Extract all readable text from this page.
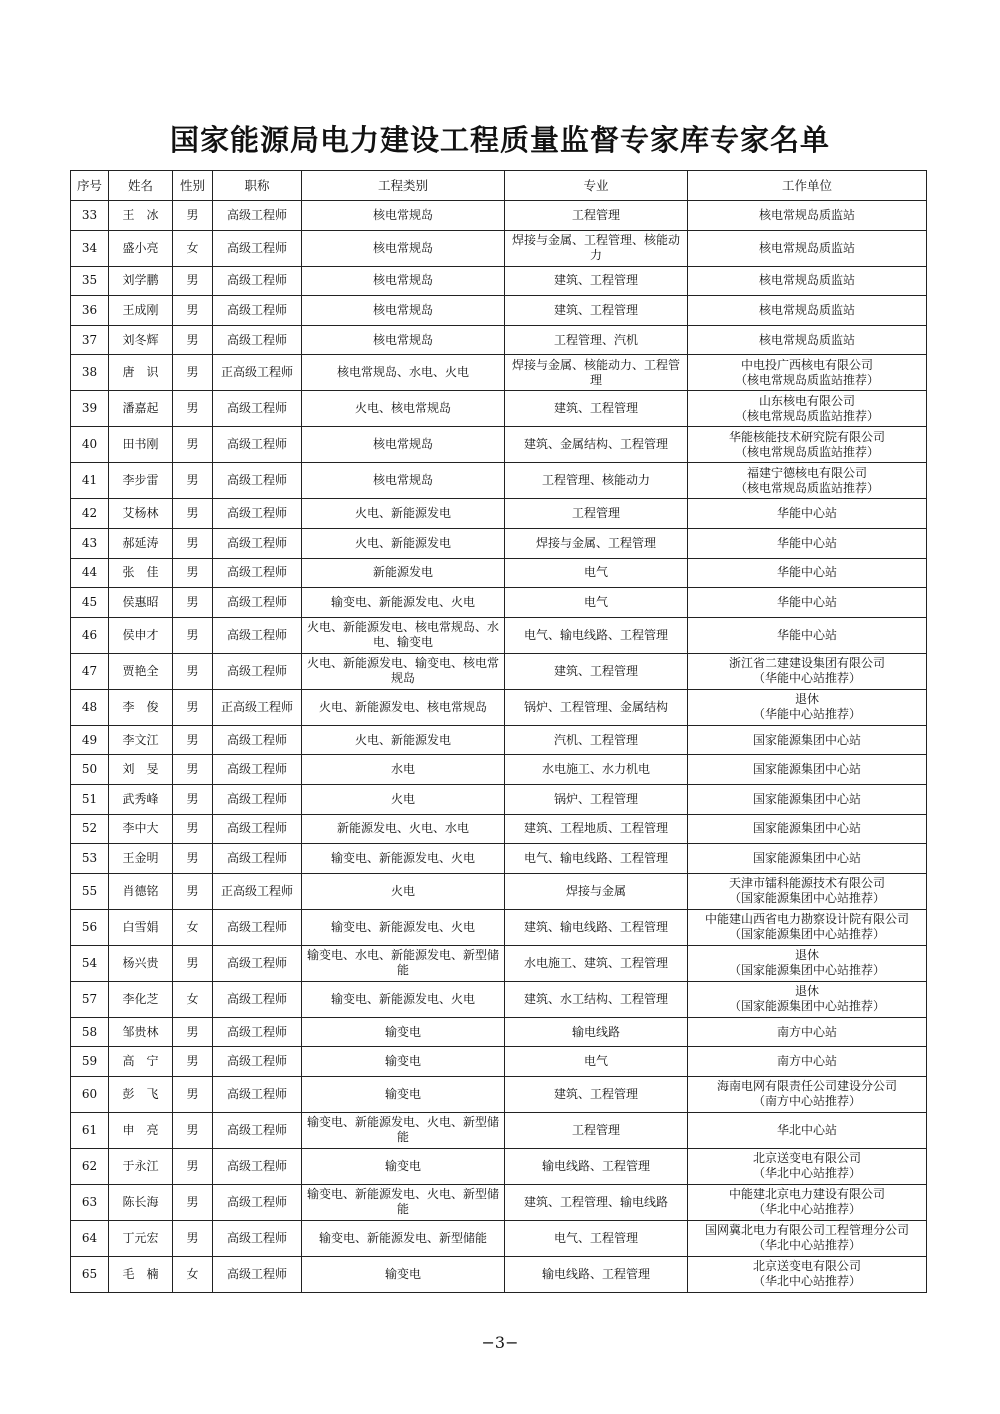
国家能源局电力建设工程质量监督专家库专家名单
序号	姓名	性别	职称	工程类别	专业	工作单位
33	王　冰	男	高级工程师	核电常规岛	工程管理	核电常规岛质监站

34	盛小亮	女	高级工程师	核电常规岛	焊接与金属、工程管理、核能动力	核电常规岛质监站

35	刘学鹏	男	高级工程师	核电常规岛	建筑、工程管理	核电常规岛质监站

36	王成刚	男	高级工程师	核电常规岛	建筑、工程管理	核电常规岛质监站

37	刘冬辉	男	高级工程师	核电常规岛	工程管理、汽机	核电常规岛质监站

38	唐　识	男	正高级工程师	核电常规岛、水电、火电	焊接与金属、核能动力、工程管理	中电投广西核电有限公司
（核电常规岛质监站推荐）

39	潘嘉起	男	高级工程师	火电、核电常规岛	建筑、工程管理	山东核电有限公司
（核电常规岛质监站推荐）

40	田书刚	男	高级工程师	核电常规岛	建筑、金属结构、工程管理	华能核能技术研究院有限公司
（核电常规岛质监站推荐）

41	李步雷	男	高级工程师	核电常规岛	工程管理、核能动力	福建宁德核电有限公司
（核电常规岛质监站推荐）

42	艾杨林	男	高级工程师	火电、新能源发电	工程管理	华能中心站

43	郝延涛	男	高级工程师	火电、新能源发电	焊接与金属、工程管理	华能中心站

44	张　佳	男	高级工程师	新能源发电	电气	华能中心站

45	侯惠昭	男	高级工程师	输变电、新能源发电、火电	电气	华能中心站

46	侯申才	男	高级工程师	火电、新能源发电、核电常规岛、水电、输变电	电气、输电线路、工程管理	华能中心站

47	贾艳全	男	高级工程师	火电、新能源发电、输变电、核电常规岛	建筑、工程管理	浙江省二建建设集团有限公司
（华能中心站推荐）

48	李　俊	男	正高级工程师	火电、新能源发电、核电常规岛	锅炉、工程管理、金属结构	退休
（华能中心站推荐）

49	李文江	男	高级工程师	火电、新能源发电	汽机、工程管理	国家能源集团中心站

50	刘　旻	男	高级工程师	水电	水电施工、水力机电	国家能源集团中心站

51	武秀峰	男	高级工程师	火电	锅炉、工程管理	国家能源集团中心站

52	李中大	男	高级工程师	新能源发电、火电、水电	建筑、工程地质、工程管理	国家能源集团中心站

53	王金明	男	高级工程师	输变电、新能源发电、火电	电气、输电线路、工程管理	国家能源集团中心站

55	肖德铭	男	正高级工程师	火电	焊接与金属	天津市镭科能源技术有限公司
（国家能源集团中心站推荐）

56	白雪娟	女	高级工程师	输变电、新能源发电、火电	建筑、输电线路、工程管理	中能建山西省电力勘察设计院有限公司
（国家能源集团中心站推荐）

54	杨兴贵	男	高级工程师	输变电、水电、新能源发电、新型储能	水电施工、建筑、工程管理	退休
（国家能源集团中心站推荐）

57	李化芝	女	高级工程师	输变电、新能源发电、火电	建筑、水工结构、工程管理	退休
（国家能源集团中心站推荐）

58	邹贵林	男	高级工程师	输变电	输电线路	南方中心站

59	高　宁	男	高级工程师	输变电	电气	南方中心站

60	彭　飞	男	高级工程师	输变电	建筑、工程管理	海南电网有限责任公司建设分公司
（南方中心站推荐）

61	申　亮	男	高级工程师	输变电、新能源发电、火电、新型储能	工程管理	华北中心站

62	于永江	男	高级工程师	输变电	输电线路、工程管理	北京送变电有限公司
（华北中心站推荐）

63	陈长海	男	高级工程师	输变电、新能源发电、火电、新型储能	建筑、工程管理、输电线路	中能建北京电力建设有限公司
（华北中心站推荐）

64	丁元宏	男	高级工程师	输变电、新能源发电、新型储能	电气、工程管理	国网冀北电力有限公司工程管理分公司
（华北中心站推荐）

65	毛　楠	女	高级工程师	输变电	输电线路、工程管理	北京送变电有限公司
（华北中心站推荐）
−3−
